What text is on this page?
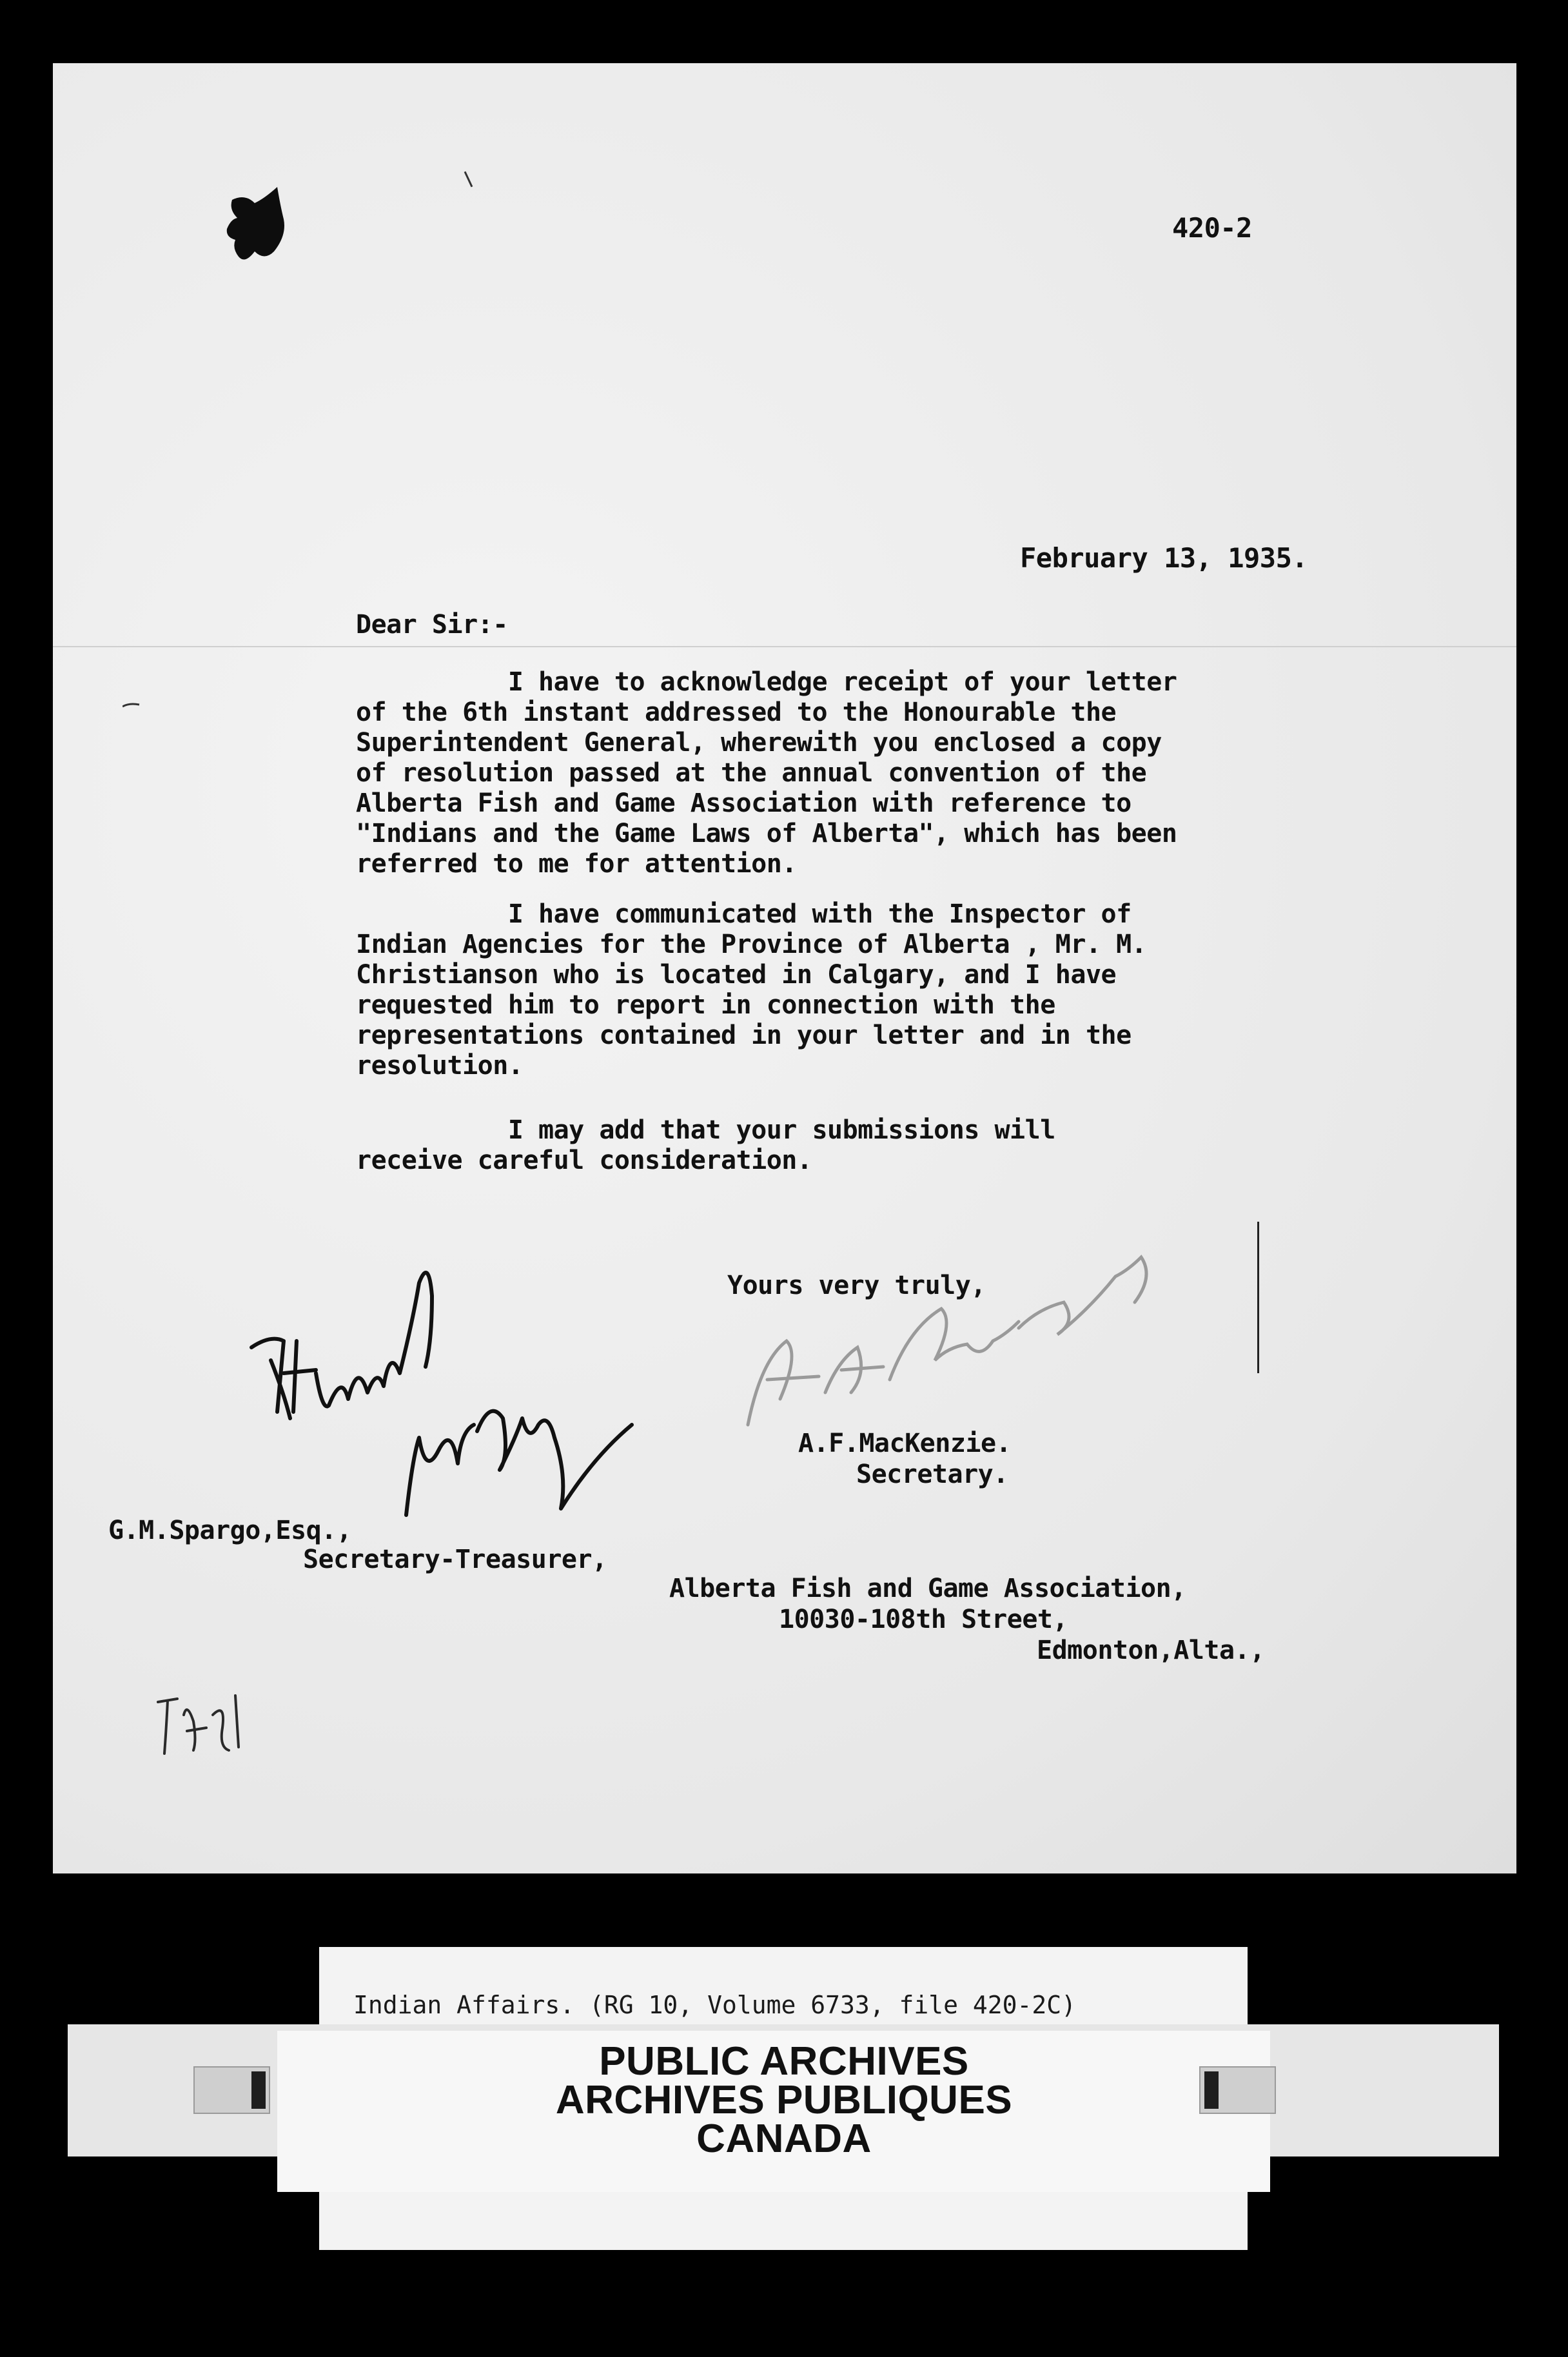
420-2
February 13, 1935.
Dear Sir:-
I have to acknowledge receipt of your letter
of the 6th instant addressed to the Honourable the
Superintendent General, wherewith you enclosed a copy
of resolution passed at the annual convention of the
Alberta Fish and Game Association with reference to
"Indians and the Game Laws of Alberta", which has been
referred to me for attention.
I have communicated with the Inspector of
Indian Agencies for the Province of Alberta , Mr. M.
Christianson who is located in Calgary, and I have
requested him to report in connection with the
representations contained in your letter and in the
resolution.
I may add that your submissions will
receive careful consideration.
Yours very truly,
A.F.MacKenzie.
Secretary.
G.M.Spargo,Esq.,
Secretary-Treasurer,
Alberta Fish and Game Association,
10030-108th Street,
Edmonton,Alta.,
Indian Affairs. (RG 10, Volume 6733, file 420-2C)
PUBLIC ARCHIVES
ARCHIVES PUBLIQUES
CANADA
